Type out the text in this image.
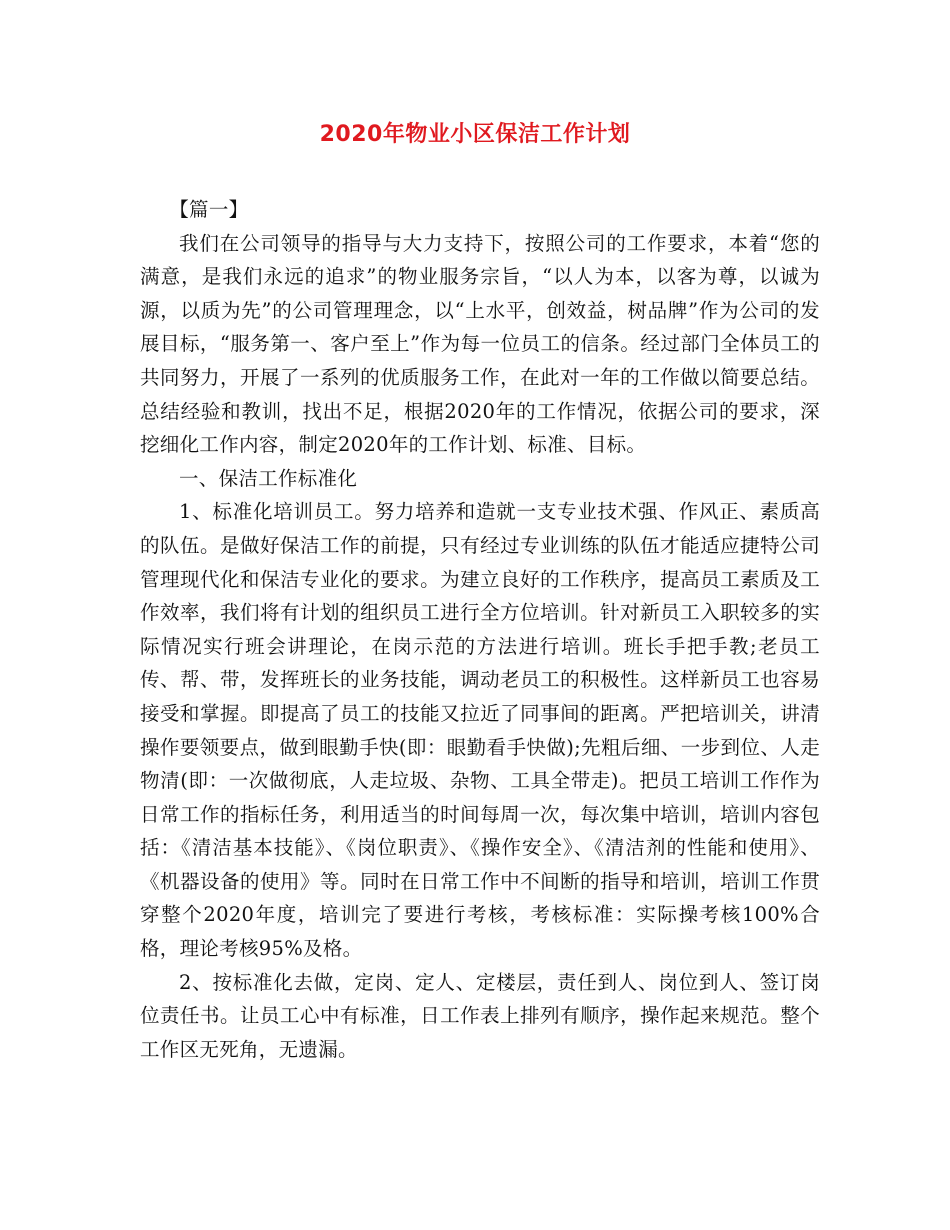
2020年物业小区保洁工作计划

【篇一】

我们在公司领导的指导与大力支持下，按照公司的工作要求，本着“您的满意，是我们永远的追求”的物业服务宗旨，“以人为本，以客为尊，以诚为源，以质为先”的公司管理理念，以“上水平，创效益，树品牌”作为公司的发展目标，“服务第一、客户至上”作为每一位员工的信条。经过部门全体员工的共同努力，开展了一系列的优质服务工作，在此对一年的工作做以简要总结。总结经验和教训，找出不足，根据2020年的工作情况，依据公司的要求，深挖细化工作内容，制定2020年的工作计划、标准、目标。

一、保洁工作标准化

1、标准化培训员工。努力培养和造就一支专业技术强、作风正、素质高的队伍。是做好保洁工作的前提，只有经过专业训练的队伍才能适应捷特公司管理现代化和保洁专业化的要求。为建立良好的工作秩序，提高员工素质及工作效率，我们将有计划的组织员工进行全方位培训。针对新员工入职较多的实际情况实行班会讲理论，在岗示范的方法进行培训。班长手把手教;老员工传、帮、带，发挥班长的业务技能，调动老员工的积极性。这样新员工也容易接受和掌握。即提高了员工的技能又拉近了同事间的距离。严把培训关，讲清操作要领要点，做到眼勤手快(即：眼勤看手快做);先粗后细、一步到位、人走物清(即：一次做彻底，人走垃圾、杂物、工具全带走)。把员工培训工作作为日常工作的指标任务，利用适当的时间每周一次，每次集中培训，培训内容包括：《清洁基本技能》、《岗位职责》、《操作安全》、《清洁剂的性能和使用》、《机器设备的使用》等。同时在日常工作中不间断的指导和培训，培训工作贯穿整个2020年度，培训完了要进行考核，考核标准：实际操考核100%合格，理论考核95%及格。

2、按标准化去做，定岗、定人、定楼层，责任到人、岗位到人、签订岗位责任书。让员工心中有标准，日工作表上排列有顺序，操作起来规范。整个工作区无死角，无遗漏。
